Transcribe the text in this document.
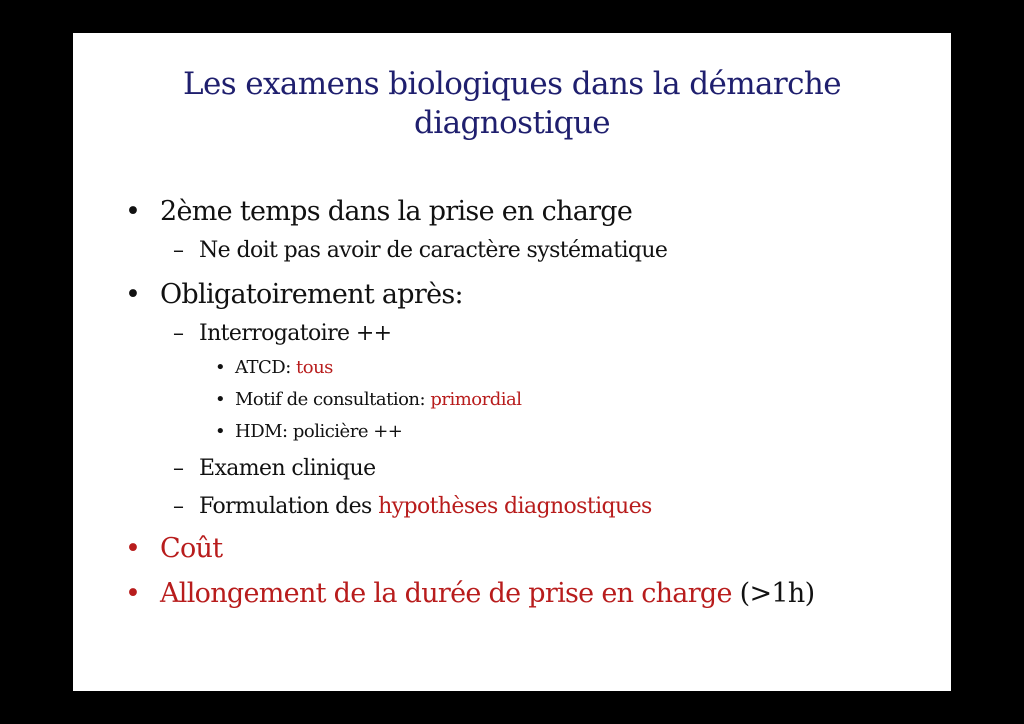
Les examens biologiques dans la démarche
diagnostique
• 2ème temps dans la prise en charge
– Ne doit pas avoir de caractère systématique
• Obligatoirement après:
– Interrogatoire ++
• ATCD: tous
• Motif de consultation: primordial
• HDM: policière ++
– Examen clinique
– Formulation des hypothèses diagnostiques
• Coût
• Allongement de la durée de prise en charge (>1h)
